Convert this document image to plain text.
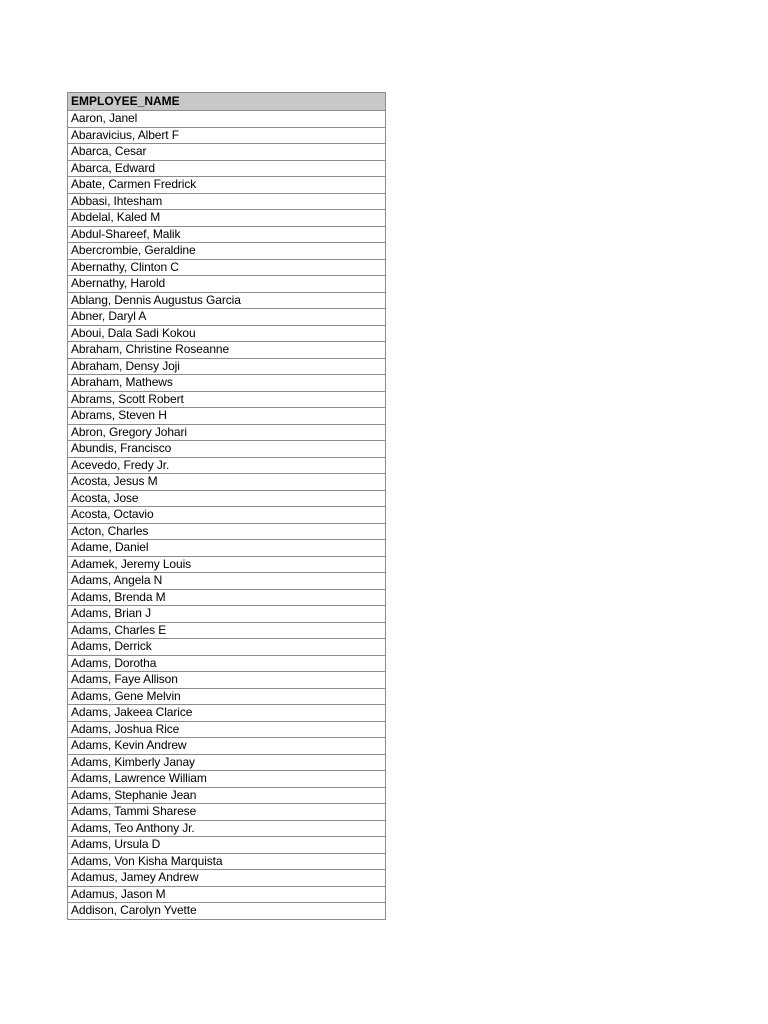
EMPLOYEE_NAME
Aaron, Janel
Abaravicius, Albert F
Abarca, Cesar
Abarca, Edward
Abate, Carmen Fredrick
Abbasi, Ihtesham
Abdelal, Kaled M
Abdul-Shareef, Malik
Abercrombie, Geraldine
Abernathy, Clinton C
Abernathy, Harold
Ablang, Dennis Augustus Garcia
Abner, Daryl A
Aboui, Dala Sadi Kokou
Abraham, Christine Roseanne
Abraham, Densy Joji
Abraham, Mathews
Abrams, Scott Robert
Abrams, Steven H
Abron, Gregory Johari
Abundis, Francisco
Acevedo, Fredy Jr.
Acosta, Jesus M
Acosta, Jose
Acosta, Octavio
Acton, Charles
Adame, Daniel
Adamek, Jeremy Louis
Adams, Angela N
Adams, Brenda M
Adams, Brian J
Adams, Charles E
Adams, Derrick
Adams, Dorotha
Adams, Faye Allison
Adams, Gene Melvin
Adams, Jakeea Clarice
Adams, Joshua Rice
Adams, Kevin Andrew
Adams, Kimberly Janay
Adams, Lawrence William
Adams, Stephanie Jean
Adams, Tammi Sharese
Adams, Teo Anthony Jr.
Adams, Ursula D
Adams, Von Kisha Marquista
Adamus, Jamey Andrew
Adamus, Jason M
Addison, Carolyn Yvette
